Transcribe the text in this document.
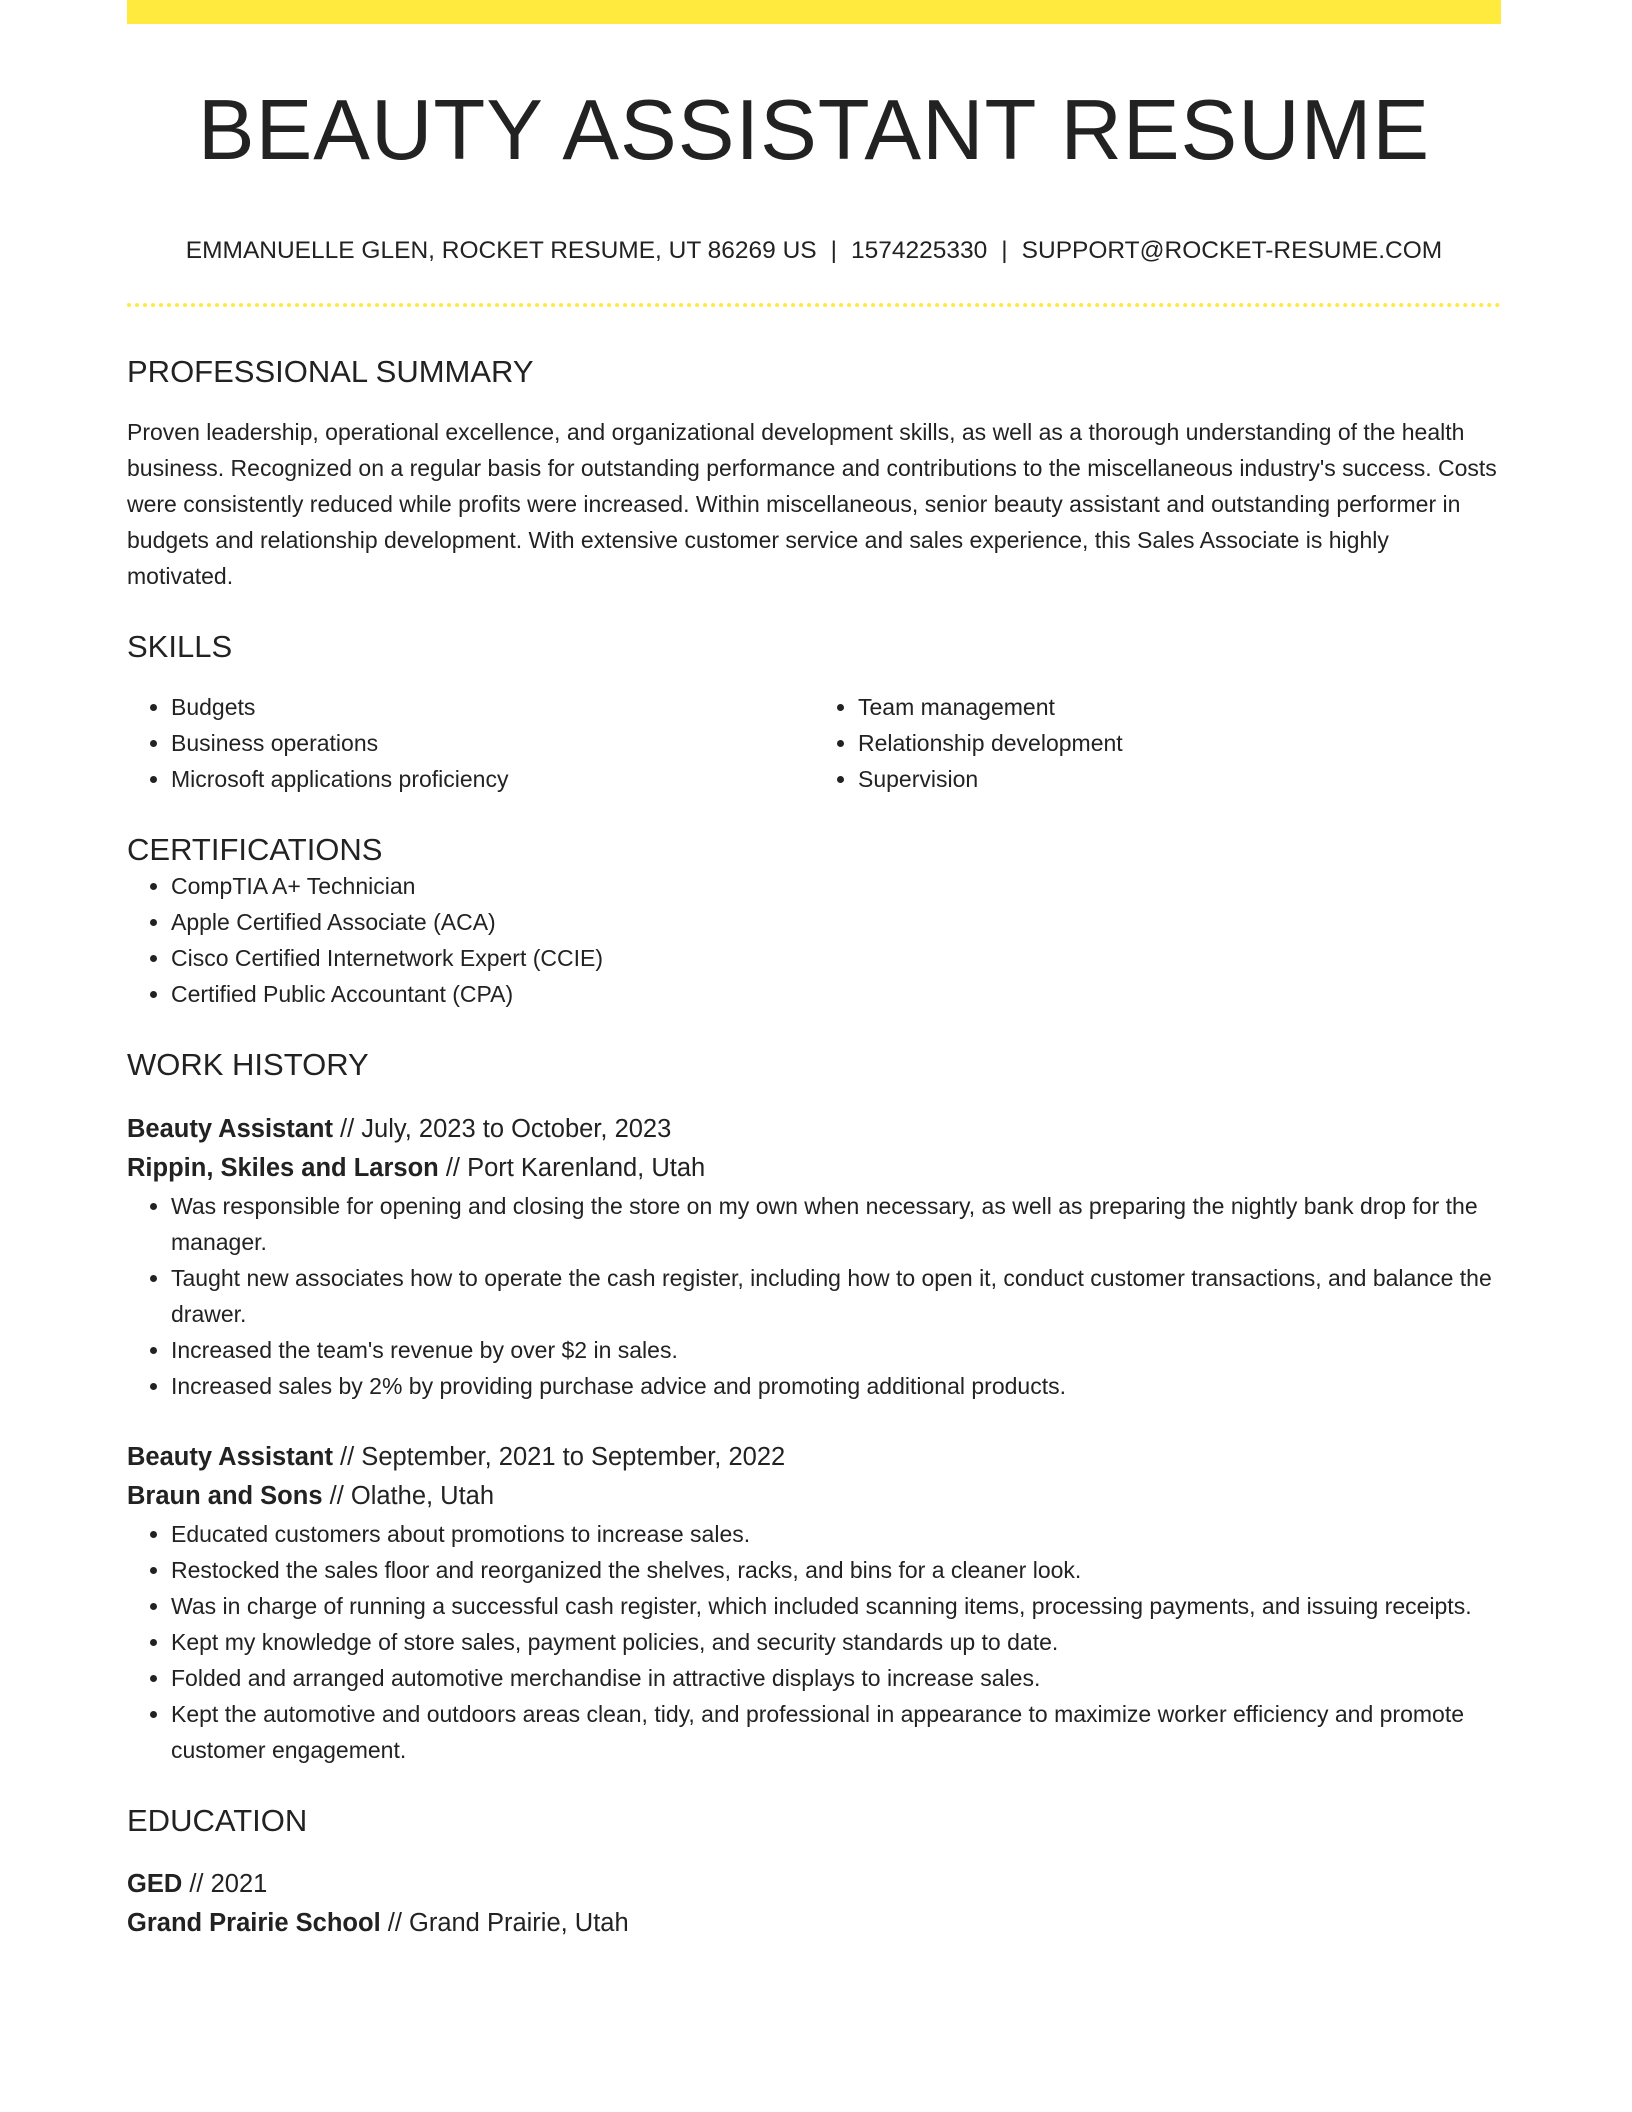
BEAUTY ASSISTANT RESUME
EMMANUELLE GLEN, ROCKET RESUME, UT 86269 US | 1574225330 | SUPPORT@ROCKET-RESUME.COM
PROFESSIONAL SUMMARY

Proven leadership, operational excellence, and organizational development skills, as well as a thorough understanding of the health business. Recognized on a regular basis for outstanding performance and contributions to the miscellaneous industry's success. Costs were consistently reduced while profits were increased. Within miscellaneous, senior beauty assistant and outstanding performer in budgets and relationship development. With extensive customer service and sales experience, this Sales Associate is highly motivated.

SKILLS
• Budgets
• Business operations
• Microsoft applications proficiency
• Team management
• Relationship development
• Supervision
CERTIFICATIONS
• CompTIA A+ Technician
• Apple Certified Associate (ACA)
• Cisco Certified Internetwork Expert (CCIE)
• Certified Public Accountant (CPA)
WORK HISTORY
Beauty Assistant // July, 2023 to October, 2023
Rippin, Skiles and Larson // Port Karenland, Utah
• Was responsible for opening and closing the store on my own when necessary, as well as preparing the nightly bank drop for the manager.
• Taught new associates how to operate the cash register, including how to open it, conduct customer transactions, and balance the drawer.
• Increased the team's revenue by over $2 in sales.
• Increased sales by 2% by providing purchase advice and promoting additional products.
Beauty Assistant // September, 2021 to September, 2022
Braun and Sons // Olathe, Utah
• Educated customers about promotions to increase sales.
• Restocked the sales floor and reorganized the shelves, racks, and bins for a cleaner look.
• Was in charge of running a successful cash register, which included scanning items, processing payments, and issuing receipts.
• Kept my knowledge of store sales, payment policies, and security standards up to date.
• Folded and arranged automotive merchandise in attractive displays to increase sales.
• Kept the automotive and outdoors areas clean, tidy, and professional in appearance to maximize worker efficiency and promote customer engagement.
EDUCATION
GED // 2021
Grand Prairie School // Grand Prairie, Utah
